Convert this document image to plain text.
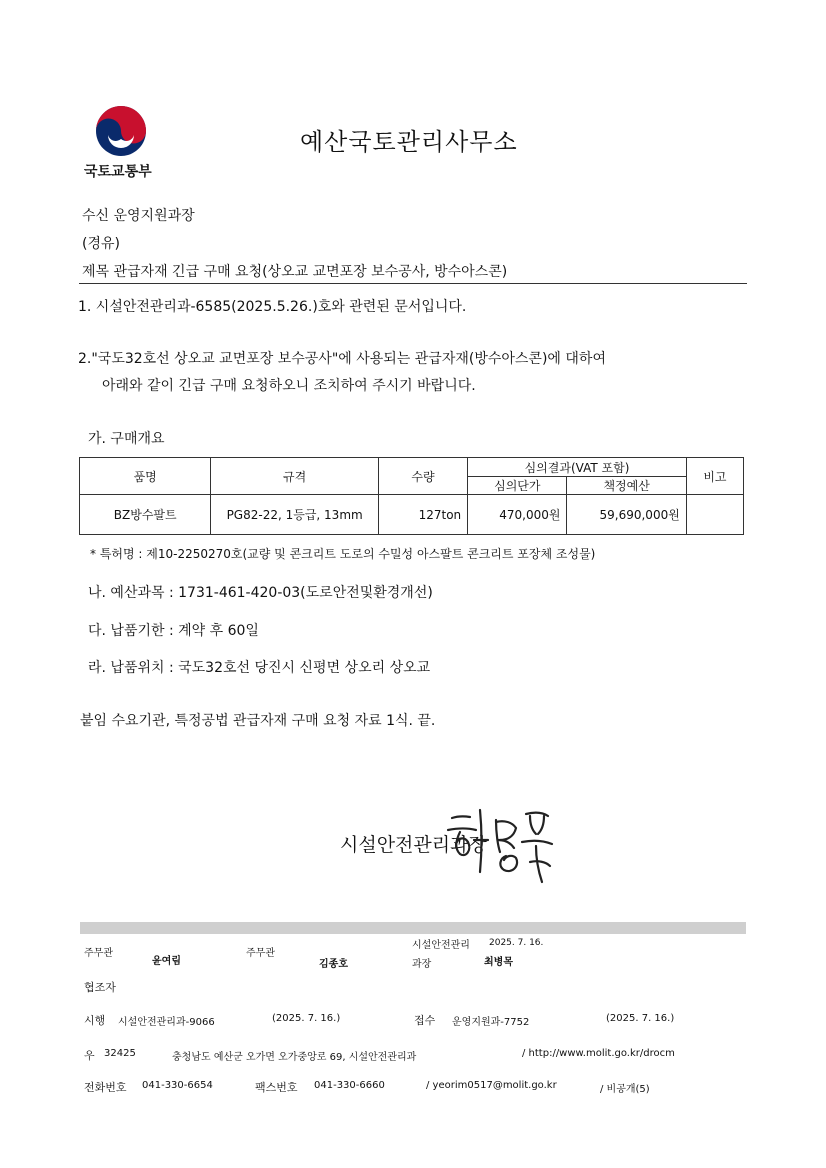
국토교통부
예산국토관리사무소
수신 운영지원과장
(경유)
제목 관급자재 긴급 구매 요청(상오교 교면포장 보수공사, 방수아스콘)
1. 시설안전관리과-6585(2025.5.26.)호와 관련된 문서입니다.
2."국도32호선 상오교 교면포장 보수공사"에 사용되는 관급자재(방수아스콘)에 대하여
아래와 같이 긴급 구매 요청하오니 조치하여 주시기 바랍니다.
가. 구매개요
품명	규격	수량	심의결과(VAT 포함)		비고
			심의단가	책정예산	
BZ방수팔트	PG82-22, 1등급, 13mm	127ton	470,000원	59,690,000원	
* 특허명 : 제10-2250270호(교량 및 콘크리트 도로의 수밀성 아스팔트 콘크리트 포장체 조성물)
나. 예산과목 : 1731-461-420-03(도로안전및환경개선)
다. 납품기한 : 계약 후 60일
라. 납품위치 : 국도32호선 당진시 신평면 상오리 상오교
붙임 수요기관, 특정공법 관급자재 구매 요청 자료 1식. 끝.
시설안전관리과장
주무관
윤여림
주무관
김종호
시설안전관리
과장
2025. 7. 16.
최병목
협조자
시행 시설안전관리과-9066	(2025. 7. 16.)	접수 운영지원과-7752	(2025. 7. 16.)
우 32425	충청남도 예산군 오가면 오가중앙로 69, 시설안전관리과	/ http://www.molit.go.kr/drocm
전화번호 041-330-6654	팩스번호 041-330-6660	/ yeorim0517@molit.go.kr	/ 비공개(5)
